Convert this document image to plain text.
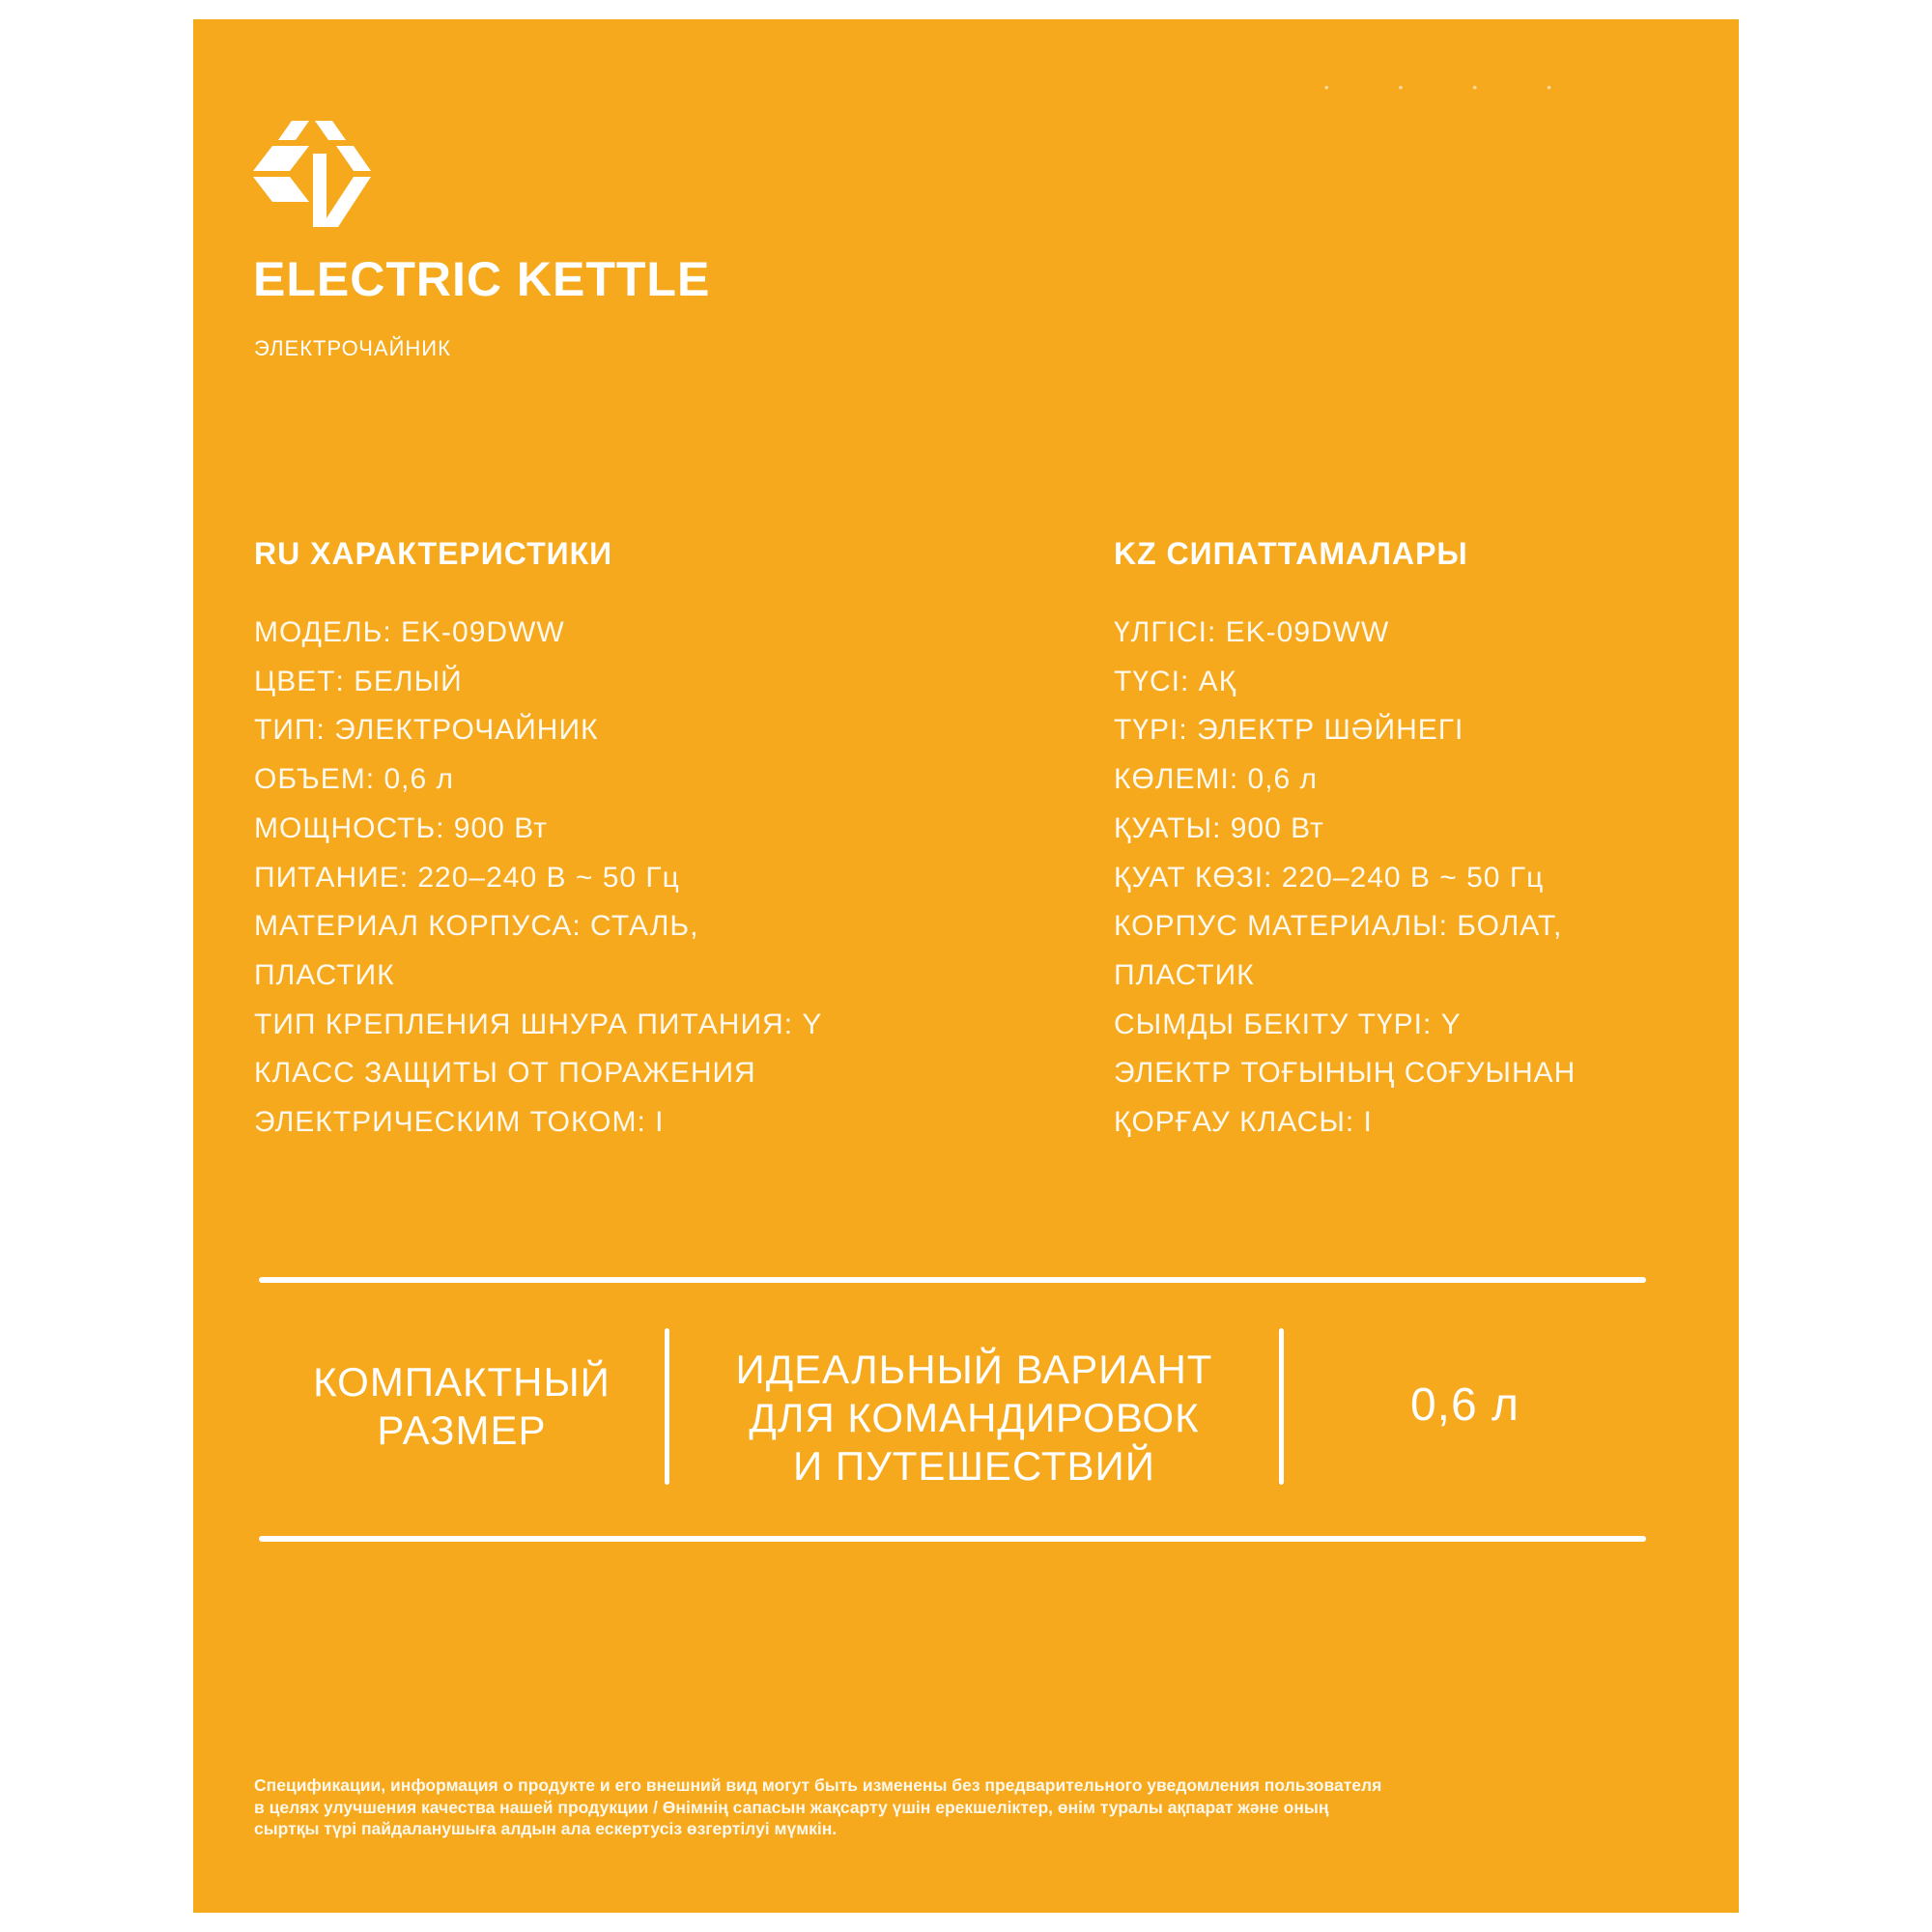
• • • •
ELECTRIC KETTLE
ЭЛЕКТРОЧАЙНИК
RU ХАРАКТЕРИСТИКИ
МОДЕЛЬ: EK-09DWW
ЦВЕТ: БЕЛЫЙ
ТИП: ЭЛЕКТРОЧАЙНИК
ОБЪЕМ: 0,6 л
МОЩНОСТЬ: 900 Вт
ПИТАНИЕ: 220–240 В ~ 50 Гц
МАТЕРИАЛ КОРПУСА: СТАЛЬ,
ПЛАСТИК
ТИП КРЕПЛЕНИЯ ШНУРА ПИТАНИЯ: Y
КЛАСС ЗАЩИТЫ ОТ ПОРАЖЕНИЯ
ЭЛЕКТРИЧЕСКИМ ТОКОМ: I
KZ СИПАТТАМАЛАРЫ
ҮЛГІСІ: EK-09DWW
ТҮСІ: АҚ
ТҮРІ: ЭЛЕКТР ШӘЙНЕГІ
КӨЛЕМІ: 0,6 л
ҚУАТЫ: 900 Вт
ҚУАТ КӨЗІ: 220–240 В ~ 50 Гц
КОРПУС МАТЕРИАЛЫ: БОЛАТ,
ПЛАСТИК
СЫМДЫ БЕКІТУ ТҮРІ: Y
ЭЛЕКТР ТОҒЫНЫҢ СОҒУЫНАН
ҚОРҒАУ КЛАСЫ: I
КОМПАКТНЫЙ
РАЗМЕР
ИДЕАЛЬНЫЙ ВАРИАНТ
ДЛЯ КОМАНДИРОВОК
И ПУТЕШЕСТВИЙ
0,6 л
Спецификации, информация о продукте и его внешний вид могут быть изменены без предварительного уведомления пользователя
в целях улучшения качества нашей продукции / Өнімнің сапасын жақсарту үшін ерекшеліктер, өнім туралы ақпарат және оның
сыртқы түрі пайдаланушыға алдын ала ескертусіз өзгертілуі мүмкін.
